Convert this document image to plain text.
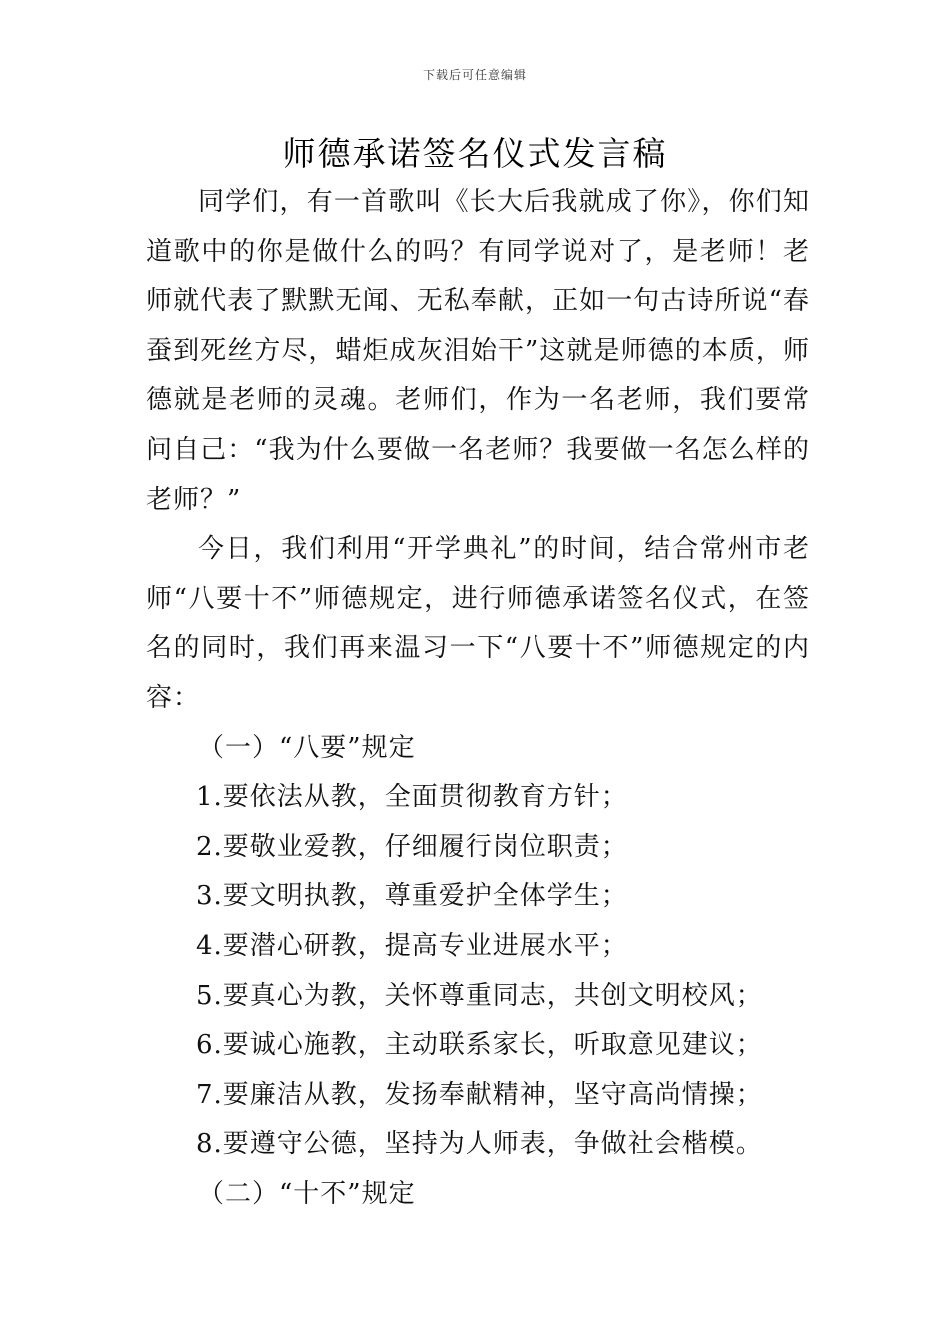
下载后可任意编辑
师德承诺签名仪式发言稿

同学们，有一首歌叫《长大后我就成了你》，你们知道歌中的你是做什么的吗？有同学说对了，是老师！老师就代表了默默无闻、无私奉献，正如一句古诗所说“春蚕到死丝方尽，蜡炬成灰泪始干”这就是师德的本质，师德就是老师的灵魂。老师们，作为一名老师，我们要常问自己：“我为什么要做一名老师？我要做一名怎么样的老师？”

今日，我们利用“开学典礼”的时间，结合常州市老师“八要十不”师德规定，进行师德承诺签名仪式，在签名的同时，我们再来温习一下“八要十不”师德规定的内容：

（一）“八要”规定

1.要依法从教，全面贯彻教育方针；
2.要敬业爱教，仔细履行岗位职责；
3.要文明执教，尊重爱护全体学生；
4.要潜心研教，提高专业进展水平；
5.要真心为教，关怀尊重同志，共创文明校风；
6.要诚心施教，主动联系家长，听取意见建议；
7.要廉洁从教，发扬奉献精神，坚守高尚情操；
8.要遵守公德，坚持为人师表，争做社会楷模。

（二）“十不”规定
